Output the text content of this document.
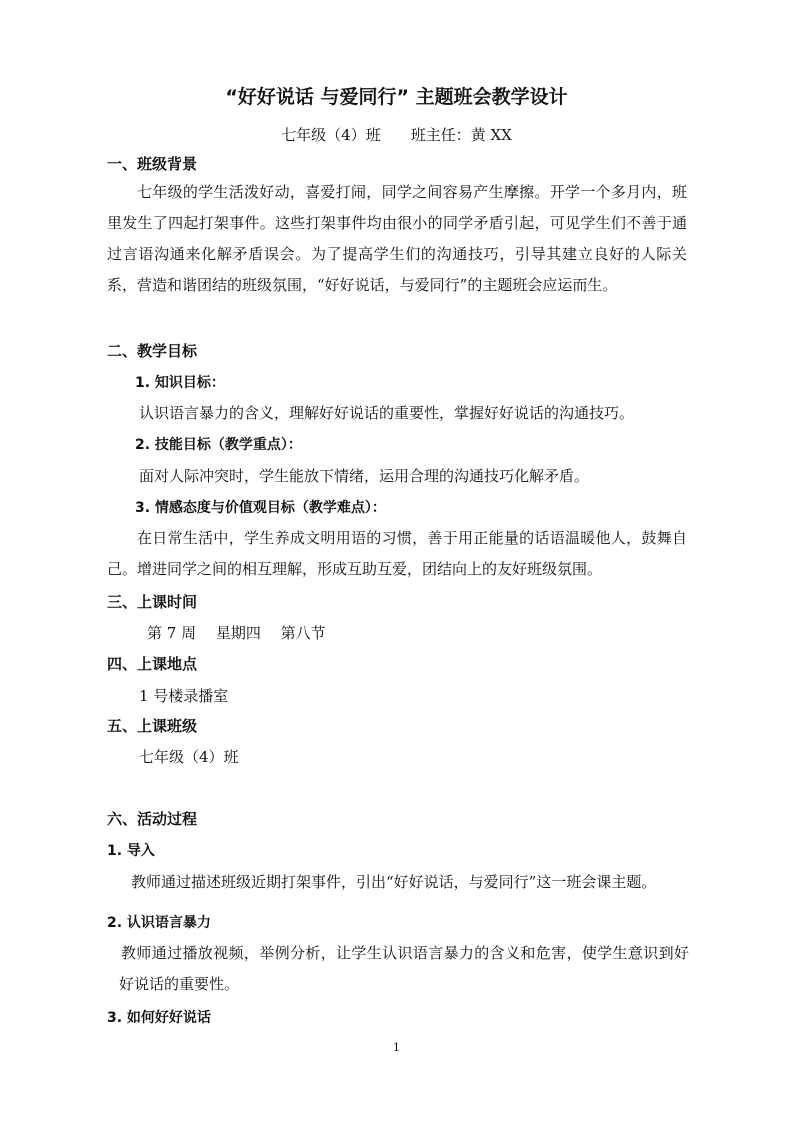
“好好说话 与爱同行” 主题班会教学设计
七年级（4）班　　班主任：黄 XX
一、班级背景

七年级的学生活泼好动，喜爱打闹，同学之间容易产生摩擦。开学一个多月内，班里发生了四起打架事件。这些打架事件均由很小的同学矛盾引起，可见学生们不善于通过言语沟通来化解矛盾误会。为了提高学生们的沟通技巧，引导其建立良好的人际关系，营造和谐团结的班级氛围，“好好说话，与爱同行”的主题班会应运而生。

二、教学目标
1. 知识目标：
认识语言暴力的含义，理解好好说话的重要性，掌握好好说话的沟通技巧。
2. 技能目标（教学重点）：
面对人际冲突时，学生能放下情绪，运用合理的沟通技巧化解矛盾。
3. 情感态度与价值观目标（教学难点）：

在日常生活中，学生养成文明用语的习惯，善于用正能量的话语温暖他人，鼓舞自己。增进同学之间的相互理解，形成互助互爱，团结向上的友好班级氛围。

三、上课时间
第 7 周　 星期四　 第八节
四、上课地点
1 号楼录播室
五、上课班级
七年级（4）班
六、活动过程
1. 导入
教师通过描述班级近期打架事件，引出“好好说话，与爱同行”这一班会课主题。
2. 认识语言暴力

教师通过播放视频，举例分析，让学生认识语言暴力的含义和危害，使学生意识到好好说话的重要性。

3. 如何好好说话
1
